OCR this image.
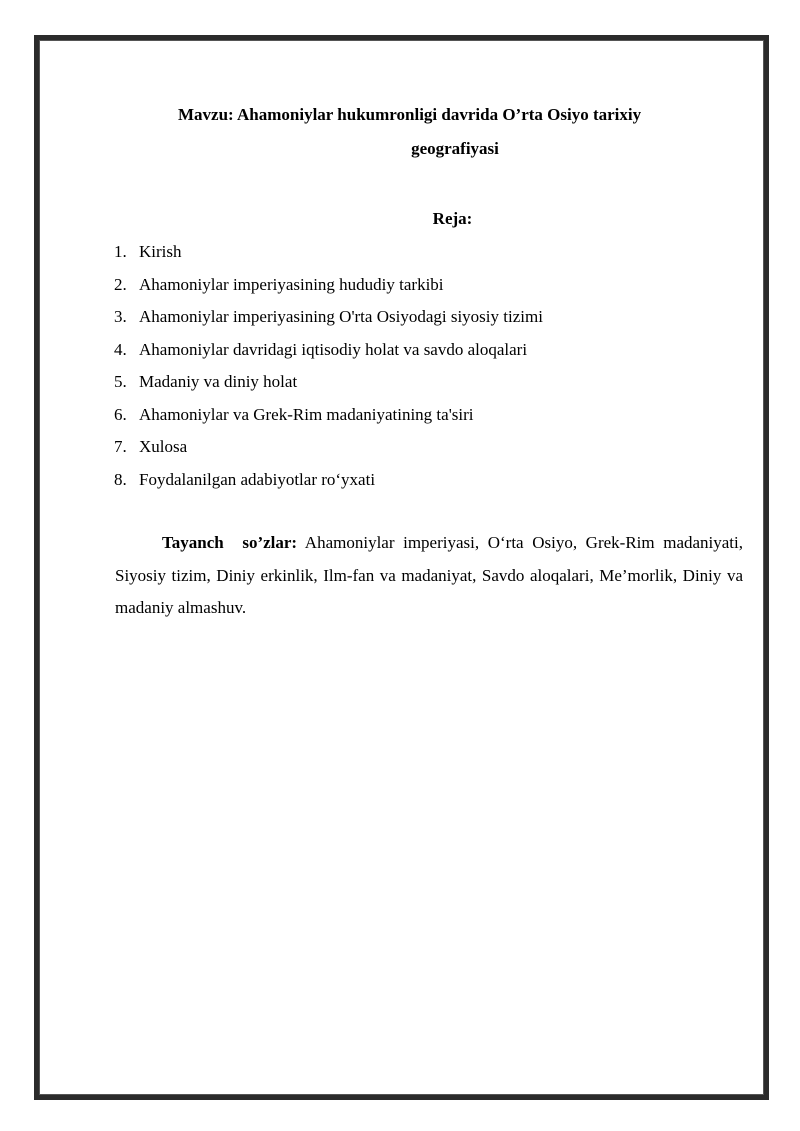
Mavzu: Ahamoniylar hukumronligi davrida O’rta Osiyo tarixiy
geografiyasi
Reja:
1. Kirish
2. Ahamoniylar imperiyasining hududiy tarkibi
3. Ahamoniylar imperiyasining O'rta Osiyodagi siyosiy tizimi
4. Ahamoniylar davridagi iqtisodiy holat va savdo aloqalari
5. Madaniy va diniy holat
6. Ahamoniylar va Grek-Rim madaniyatining ta'siri
7. Xulosa
8. Foydalanilgan adabiyotlar ro‘yxati

Tayanch so’zlar: Ahamoniylar imperiyasi, O‘rta Osiyo, Grek-Rim madaniyati, Siyosiy tizim, Diniy erkinlik, Ilm-fan va madaniyat, Savdo aloqalari, Me’morlik, Diniy va madaniy almashuv.
